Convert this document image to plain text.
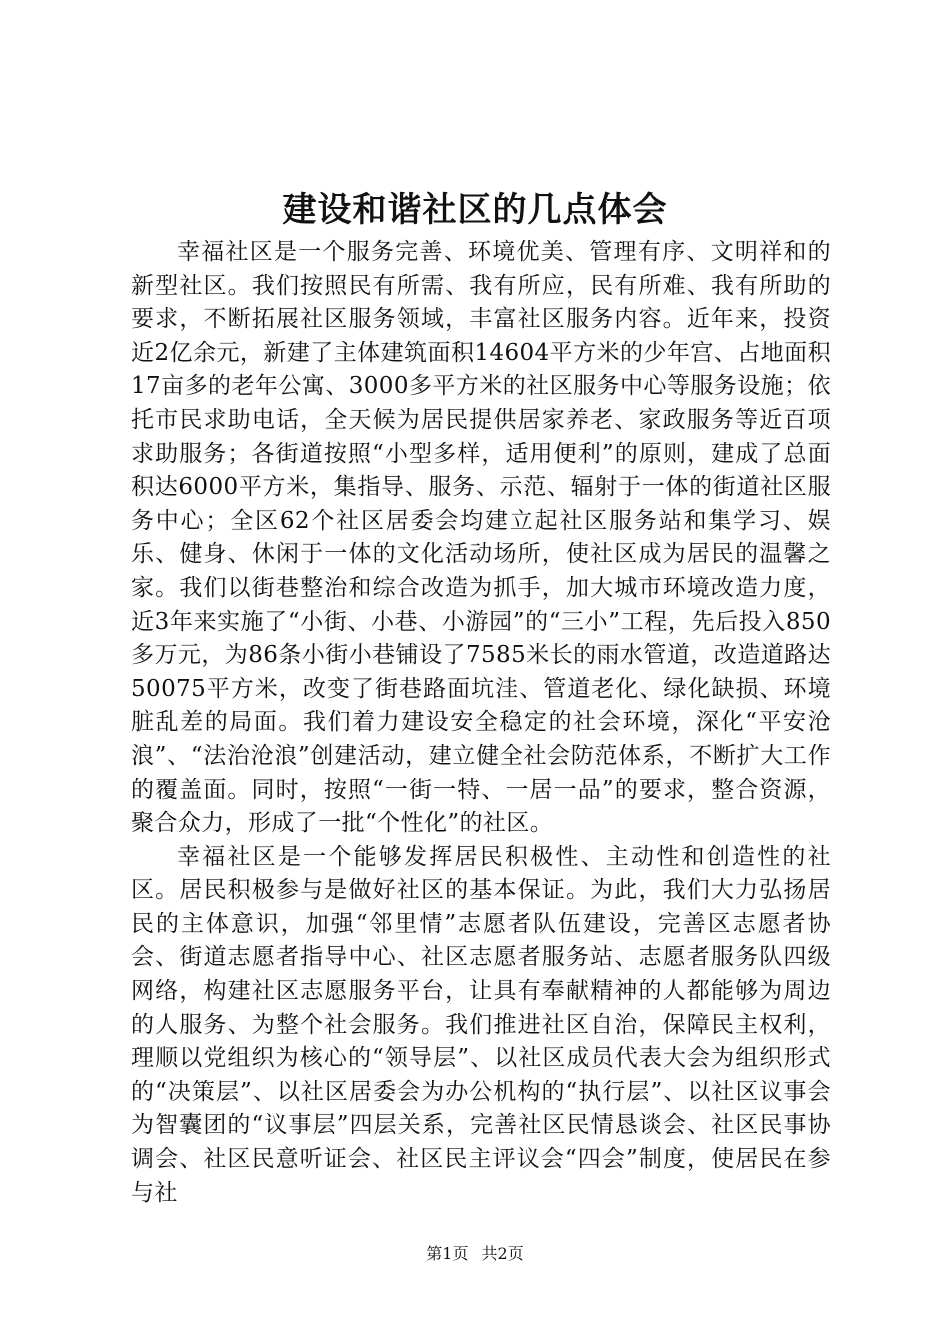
建设和谐社区的几点体会

幸福社区是一个服务完善、环境优美、管理有序、文明祥和的新型社区。我们按照民有所需、我有所应，民有所难、我有所助的要求，不断拓展社区服务领域，丰富社区服务内容。近年来，投资近2亿余元，新建了主体建筑面积14604平方米的少年宫、占地面积17亩多的老年公寓、3000多平方米的社区服务中心等服务设施；依托市民求助电话，全天候为居民提供居家养老、家政服务等近百项求助服务；各街道按照“小型多样，适用便利”的原则，建成了总面积达6000平方米，集指导、服务、示范、辐射于一体的街道社区服务中心；全区62个社区居委会均建立起社区服务站和集学习、娱乐、健身、休闲于一体的文化活动场所，使社区成为居民的温馨之家。我们以街巷整治和综合改造为抓手，加大城市环境改造力度，近3年来实施了“小街、小巷、小游园”的“三小”工程，先后投入850多万元，为86条小街小巷铺设了7585米长的雨水管道，改造道路达50075平方米，改变了街巷路面坑洼、管道老化、绿化缺损、环境脏乱差的局面。我们着力建设安全稳定的社会环境，深化“平安沧浪”、“法治沧浪”创建活动，建立健全社会防范体系，不断扩大工作的覆盖面。同时，按照“一街一特、一居一品”的要求，整合资源，聚合众力，形成了一批“个性化”的社区。

幸福社区是一个能够发挥居民积极性、主动性和创造性的社区。居民积极参与是做好社区的基本保证。为此，我们大力弘扬居民的主体意识，加强“邻里情”志愿者队伍建设，完善区志愿者协会、街道志愿者指导中心、社区志愿者服务站、志愿者服务队四级网络，构建社区志愿服务平台，让具有奉献精神的人都能够为周边的人服务、为整个社会服务。我们推进社区自治，保障民主权利，理顺以党组织为核心的“领导层”、以社区成员代表大会为组织形式的“决策层”、以社区居委会为办公机构的“执行层”、以社区议事会为智囊团的“议事层”四层关系，完善社区民情恳谈会、社区民事协调会、社区民意听证会、社区民主评议会“四会”制度，使居民在参与社

第1页 共2页
